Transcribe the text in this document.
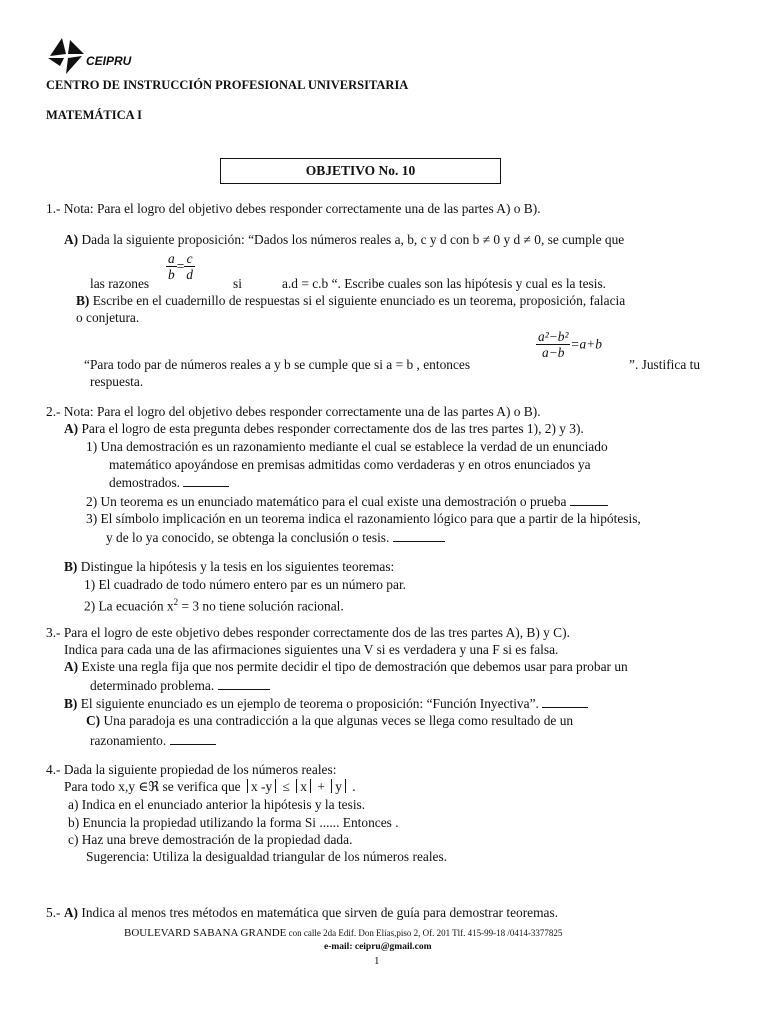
CEIPRU
CENTRO DE INSTRUCCIÓN PROFESIONAL UNIVERSITARIA
MATEMÁTICA I
OBJETIVO No. 10
1.- Nota: Para el logro del objetivo debes responder correctamente una de las partes A) o B).
A) Dada la siguiente proposición: “Dados los números reales a, b, c y d con b ≠ 0 y d ≠ 0, se cumple que
las razones
$\frac{a}{b} = \frac{c}{d}$
si	a.d = c.b “. Escribe cuales son las hipótesis y cual es la tesis.
B) Escribe en el cuadernillo de respuestas si el siguiente enunciado es un teorema, proposición, falacia
o conjetura.
$\frac{\text{a²−b²}}{a-b} =a+b$
“Para todo par de números reales a y b se cumple que si a = b , entonces	”. Justifica tu
respuesta.
2.- Nota: Para el logro del objetivo debes responder correctamente una de las partes A) o B).
A) Para el logro de esta pregunta debes responder correctamente dos de las tres partes 1), 2) y 3).
1) Una demostración es un razonamiento mediante el cual se establece la verdad de un enunciado
matemático apoyándose en premisas admitidas como verdaderas y en otros enunciados ya
demostrados.
2) Un teorema es un enunciado matemático para el cual existe una demostración o prueba
3) El símbolo implicación en un teorema indica el razonamiento lógico para que a partir de la hipótesis,
y de lo ya conocido, se obtenga la conclusión o tesis.
B) Distingue la hipótesis y la tesis en los siguientes teoremas:
1) El cuadrado de todo número entero par es un número par.
2) La ecuación $x^2 = 3$ no tiene solución racional.
3.- Para el logro de este objetivo debes responder correctamente dos de las tres partes A), B) y C).
Indica para cada una de las afirmaciones siguientes una V si es verdadera y una F si es falsa.
A) Existe una regla fija que nos permite decidir el tipo de demostración que debemos usar para probar un
determinado problema.
B) El siguiente enunciado es un ejemplo de teorema o proposición: “Función Inyectiva”.
C) Una paradoja es una contradicción a la que algunas veces se llega como resultado de un
razonamiento.
4.- Dada la siguiente propiedad de los números reales:
Para todo x,y ∈ℜ se verifica que x -y ≤ x + y .
a) Indica en el enunciado anterior la hipótesis y la tesis.
b) Enuncia la propiedad utilizando la forma Si ...... Entonces .
c) Haz una breve demostración de la propiedad dada.
Sugerencia: Utiliza la desigualdad triangular de los números reales.
5.- A) Indica al menos tres métodos en matemática que sirven de guía para demostrar teoremas.
BOULEVARD SABANA GRANDE con calle 2da Edif. Don Elías,piso 2, Of. 201 Tlf. 415-99-18 /0414-3377825
e-mail: ceipru@gmail.com
1
